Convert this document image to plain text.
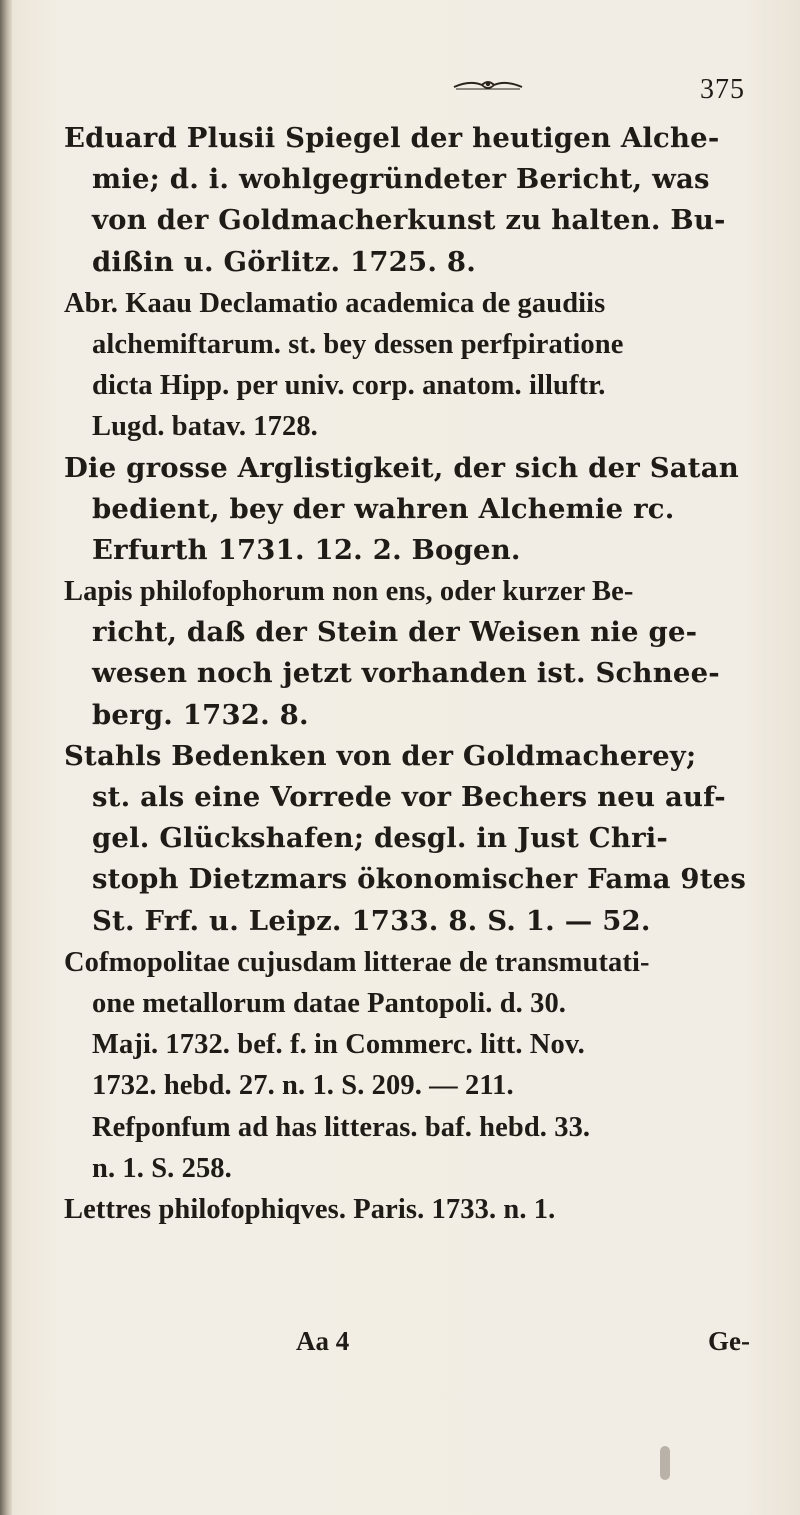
375
Eduard Plusii Spiegel der heutigen Alche-
mie; d. i. wohlgegründeter Bericht, was
von der Goldmacherkunst zu halten. Bu-
dißin u. Görlitz. 1725. 8.
Abr. Kaau Declamatio academica de gaudiis
alchemiftarum. st. bey dessen perfpiratione
dicta Hipp. per univ. corp. anatom. illuftr.
Lugd. batav. 1728.
Die grosse Arglistigkeit, der sich der Satan
bedient, bey der wahren Alchemie rc.
Erfurth 1731. 12. 2. Bogen.
Lapis philofophorum non ens, oder kurzer Be-
richt, daß der Stein der Weisen nie ge-
wesen noch jetzt vorhanden ist. Schnee-
berg. 1732. 8.
Stahls Bedenken von der Goldmacherey;
st. als eine Vorrede vor Bechers neu auf-
gel. Glückshafen; desgl. in Just Chri-
stoph Dietzmars ökonomischer Fama 9tes
St. Frf. u. Leipz. 1733. 8. S. 1. — 52.
Cofmopolitae cujusdam litterae de transmutati-
one metallorum datae Pantopoli. d. 30.
Maji. 1732. bef. f. in Commerc. litt. Nov.
1732. hebd. 27. n. 1. S. 209. — 211.
Refponfum ad has litteras. baf. hebd. 33.
n. 1. S. 258.
Lettres philofophiqves. Paris. 1733. n. 1.
Aa 4	Ge-
